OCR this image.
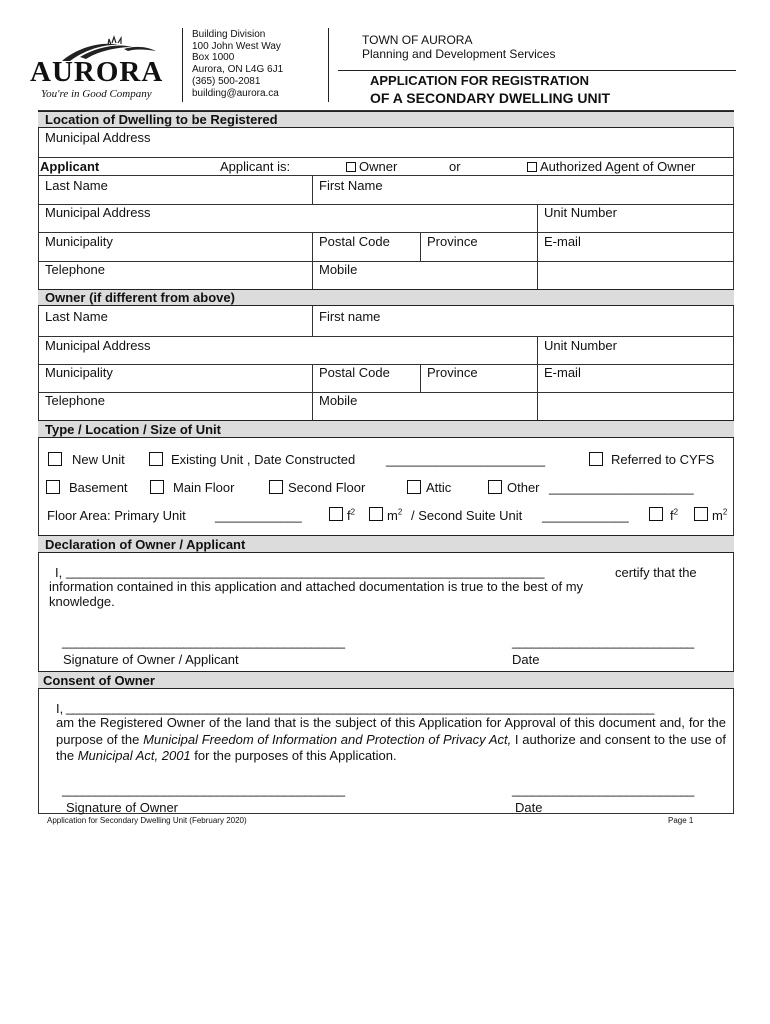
AURORA
You're in Good Company
Building Division
100 John West Way
Box 1000
Aurora, ON L4G 6J1
(365) 500-2081
building@aurora.ca
TOWN OF AURORA
Planning and Development Services
APPLICATION FOR REGISTRATION
OF A SECONDARY DWELLING UNIT
Location of Dwelling to be Registered
Municipal Address
Applicant	Applicant is:	Owner	or	Authorized Agent of Owner
Last Name	First Name
Municipal Address	Unit Number
Municipality	Postal Code	Province	E-mail
Telephone	Mobile
Owner (if different from above)
Last Name	First name
Municipal Address	Unit Number
Municipality	Postal Code	Province	E-mail
Telephone	Mobile
Type / Location / Size of Unit
New Unit	Existing Unit , Date Constructed ______________________	Referred to CYFS
Basement	Main Floor	Second Floor	Attic	Other ____________________
Floor Area: Primary Unit ____________	$f^2$ $m^2$ / Second Suite Unit ____________	$f^2$	$m^2$
Declaration of Owner / Applicant
I, _____________________________________________________________________	certify that the
information contained in this application and attached documentation is true to the best of my
knowledge.
__________________________________________	___________________________
Signature of Owner / Applicant	Date
Consent of Owner
I, ________________________________________________________________________________________
am the Registered Owner of the land that is the subject of this Application for Approval of this document and, for the purpose of the Municipal Freedom of Information and Protection of Privacy Act, I authorize and consent to the use of the Municipal Act, 2001 for the purposes of this Application.
__________________________________________	___________________________
Signature of Owner	Date
Application for Secondary Dwelling Unit (February 2020)	Page 1
